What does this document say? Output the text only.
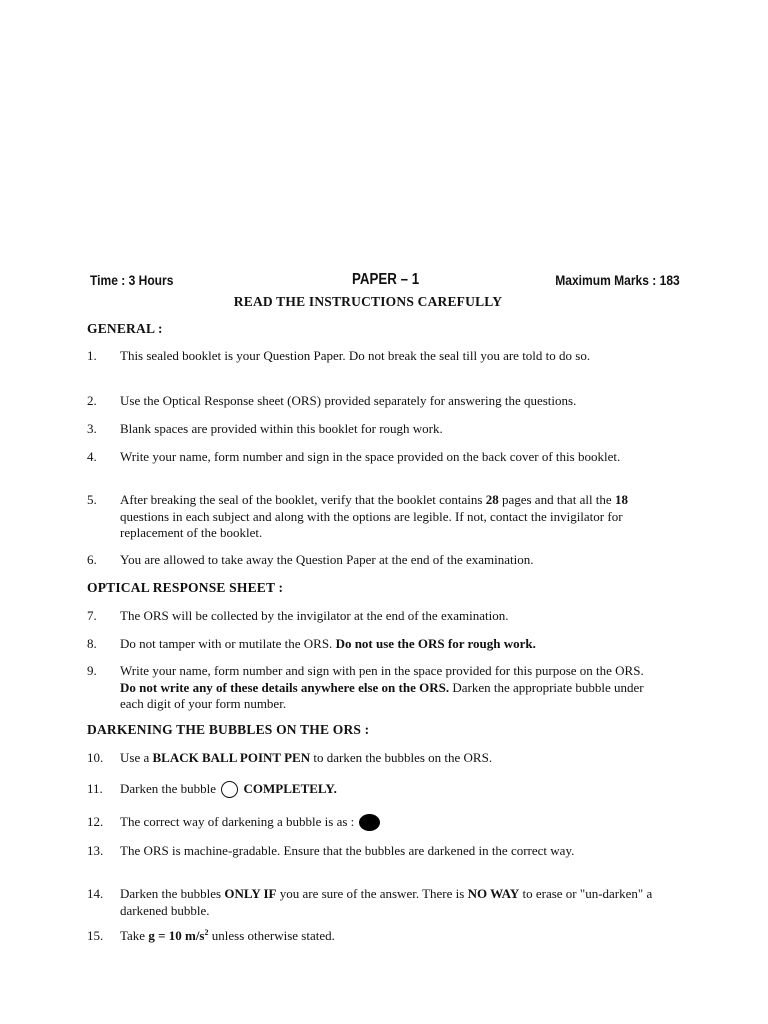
Time : 3 Hours	PAPER – 1	Maximum Marks : 183
READ THE INSTRUCTIONS CAREFULLY
GENERAL :
1.	This sealed booklet is your Question Paper. Do not break the seal till you are told to do so.
2.	Use the Optical Response sheet (ORS) provided separately for answering the questions.
3.	Blank spaces are provided within this booklet for rough work.
4.	Write your name, form number and sign in the space provided on the back cover of this booklet.
5.	After breaking the seal of the booklet, verify that the booklet contains 28 pages and that all the 18 questions in each subject and along with the options are legible. If not, contact the invigilator for replacement of the booklet.
6.	You are allowed to take away the Question Paper at the end of the examination.
OPTICAL RESPONSE SHEET :
7.	The ORS will be collected by the invigilator at the end of the examination.
8.	Do not tamper with or mutilate the ORS. Do not use the ORS for rough work.
9.	Write your name, form number and sign with pen in the space provided for this purpose on the ORS. Do not write any of these details anywhere else on the ORS. Darken the appropriate bubble under each digit of your form number.
DARKENING THE BUBBLES ON THE ORS :
10.	Use a BLACK BALL POINT PEN to darken the bubbles on the ORS.
11.	Darken the bubble COMPLETELY.
12.	The correct way of darkening a bubble is as :
13.	The ORS is machine-gradable. Ensure that the bubbles are darkened in the correct way.
14.	Darken the bubbles ONLY IF you are sure of the answer. There is NO WAY to erase or "un-darken" a darkened bubble.
15.	Take g = 10 $m/s^2$ unless otherwise stated.
